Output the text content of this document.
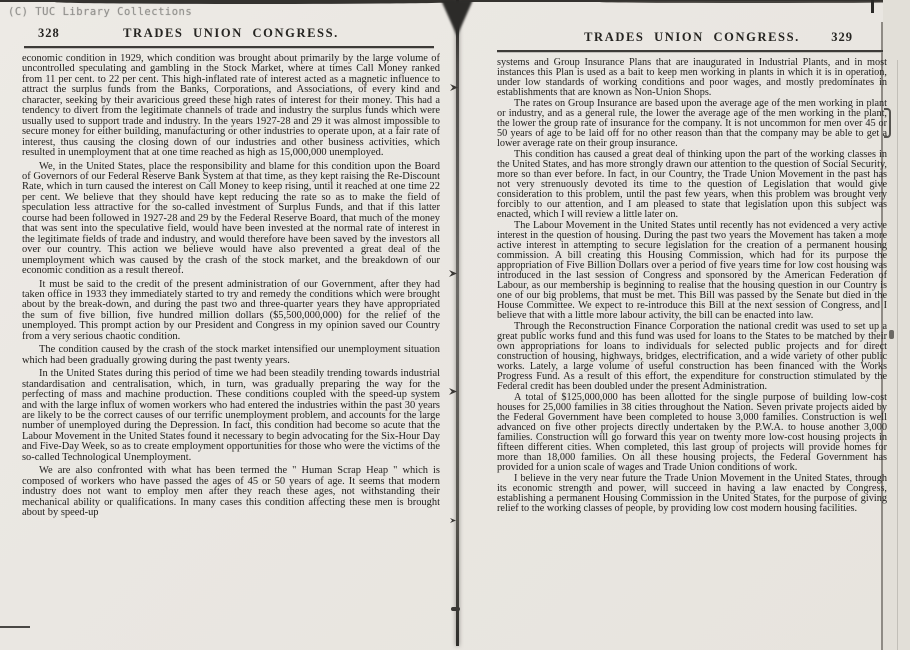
(C) TUC Library Collections
328	TRADES UNION CONGRESS.

economic condition in 1929, which condition was brought about primarily by the large volume of uncontrolled speculating and gambling in the Stock Market, where at times Call Money ranked from 11 per cent. to 22 per cent. This high-inflated rate of interest acted as a magnetic influence to attract the surplus funds from the Banks, Corporations, and Associations, of every kind and character, seeking by their avaricious greed these high rates of interest for their money. This had a tendency to divert from the legitimate channels of trade and industry the surplus funds which were usually used to support trade and industry. In the years 1927-28 and 29 it was almost impossible to secure money for either building, manufacturing or other industries to operate upon, at a fair rate of interest, thus causing the closing down of our industries and other business activities, which resulted in unemployment that at one time reached as high as 15,000,000 unemployed.

We, in the United States, place the responsibility and blame for this condition upon the Board of Governors of our Federal Reserve Bank System at that time, as they kept raising the Re-Discount Rate, which in turn caused the interest on Call Money to keep rising, until it reached at one time 22 per cent. We believe that they should have kept reducing the rate so as to make the field of speculation less attractive for the so-called investment of Surplus Funds, and that if this latter course had been followed in 1927-28 and 29 by the Federal Reserve Board, that much of the money that was sent into the speculative field, would have been invested at the normal rate of interest in the legitimate fields of trade and industry, and would therefore have been saved by the investors all over our country. This action we believe would have also prevented a great deal of the unemployment which was caused by the crash of the stock market, and the breakdown of our economic condition as a result thereof.

It must be said to the credit of the present administration of our Government, after they had taken office in 1933 they immediately started to try and remedy the conditions which were brought about by the break-down, and during the past two and three-quarter years they have appropriated the sum of five billion, five hundred million dollars ($5,500,000,000) for the relief of the unemployed. This prompt action by our President and Congress in my opinion saved our Country from a very serious chaotic condition.

The condition caused by the crash of the stock market intensified our unemployment situation which had been gradually growing during the past twenty years.

In the United States during this period of time we had been steadily trending towards industrial standardisation and centralisation, which, in turn, was gradually preparing the way for the perfecting of mass and machine production. These conditions coupled with the speed-up system and with the large influx of women workers who had entered the industries within the past 30 years are likely to be the correct causes of our terrific unemployment problem, and accounts for the large number of unemployed during the Depression. In fact, this condition had become so acute that the Labour Movement in the United States found it necessary to begin advocating for the Six-Hour Day and Five-Day Week, so as to create employment opportunities for those who were the victims of the so-called Technological Unemployment.

We are also confronted with what has been termed the " Human Scrap Heap " which is composed of workers who have passed the ages of 45 or 50 years of age. It seems that modern industry does not want to employ men after they reach these ages, not withstanding their mechanical ability or qualifications. In many cases this condition affecting these men is brought about by speed-up

TRADES UNION CONGRESS.	329

systems and Group Insurance Plans that are inaugurated in Industrial Plants, and in most instances this Plan is used as a bait to keep men working in plants in which it is in operation, under low standards of working conditions and poor wages, and mostly predominates in establishments that are known as Non-Union Shops.

The rates on Group Insurance are based upon the average age of the men working in plant or industry, and as a general rule, the lower the average age of the men working in the plant, the lower the group rate of insurance for the company. It is not uncommon for men over 45 or 50 years of age to be laid off for no other reason than that the company may be able to get a lower average rate on their group insurance.

This condition has caused a great deal of thinking upon the part of the working classes in the United States, and has more strongly drawn our attention to the question of Social Security, more so than ever before. In fact, in our Country, the Trade Union Movement in the past has not very strenuously devoted its time to the question of Legislation that would give consideration to this problem, until the past few years, when this problem was brought very forcibly to our attention, and I am pleased to state that legislation upon this subject was enacted, which I will review a little later on.

The Labour Movement in the United States until recently has not evidenced a very active interest in the question of housing. During the past two years the Movement has taken a more active interest in attempting to secure legislation for the creation of a permanent housing commission. A bill creating this Housing Commission, which had for its purpose the appropriation of Five Billion Dollars over a period of five years time for low cost housing was introduced in the last session of Congress and sponsored by the American Federation of Labour, as our membership is beginning to realise that the housing question in our Country is one of our big problems, that must be met. This Bill was passed by the Senate but died in the House Committee. We expect to re-introduce this Bill at the next session of Congress, and I believe that with a little more labour activity, the bill can be enacted into law.

Through the Reconstruction Finance Corporation the national credit was used to set up a great public works fund and this fund was used for loans to the States to be matched by their own appropriations for loans to individuals for selected public projects and for direct construction of housing, highways, bridges, electrification, and a wide variety of other public works. Lately, a large volume of useful construction has been financed with the Works Progress Fund. As a result of this effort, the expenditure for construction stimulated by the Federal credit has been doubled under the present Administration.

A total of $125,000,000 has been allotted for the single purpose of building low-cost houses for 25,000 families in 38 cities throughout the Nation. Seven private projects aided by the Federal Government have been completed to house 3,000 families. Construction is well advanced on five other projects directly undertaken by the P.W.A. to house another 3,000 families. Construction will go forward this year on twenty more low-cost housing projects in fifteen different cities. When completed, this last group of projects will provide homes for more than 18,000 families. On all these housing projects, the Federal Government has provided for a union scale of wages and Trade Union conditions of work.

I believe in the very near future the Trade Union Movement in the United States, through its economic strength and power, will succeed in having a law enacted by Congress, establishing a permanent Housing Commission in the United States, for the purpose of giving relief to the working classes of people, by providing low cost modern housing facilities.
